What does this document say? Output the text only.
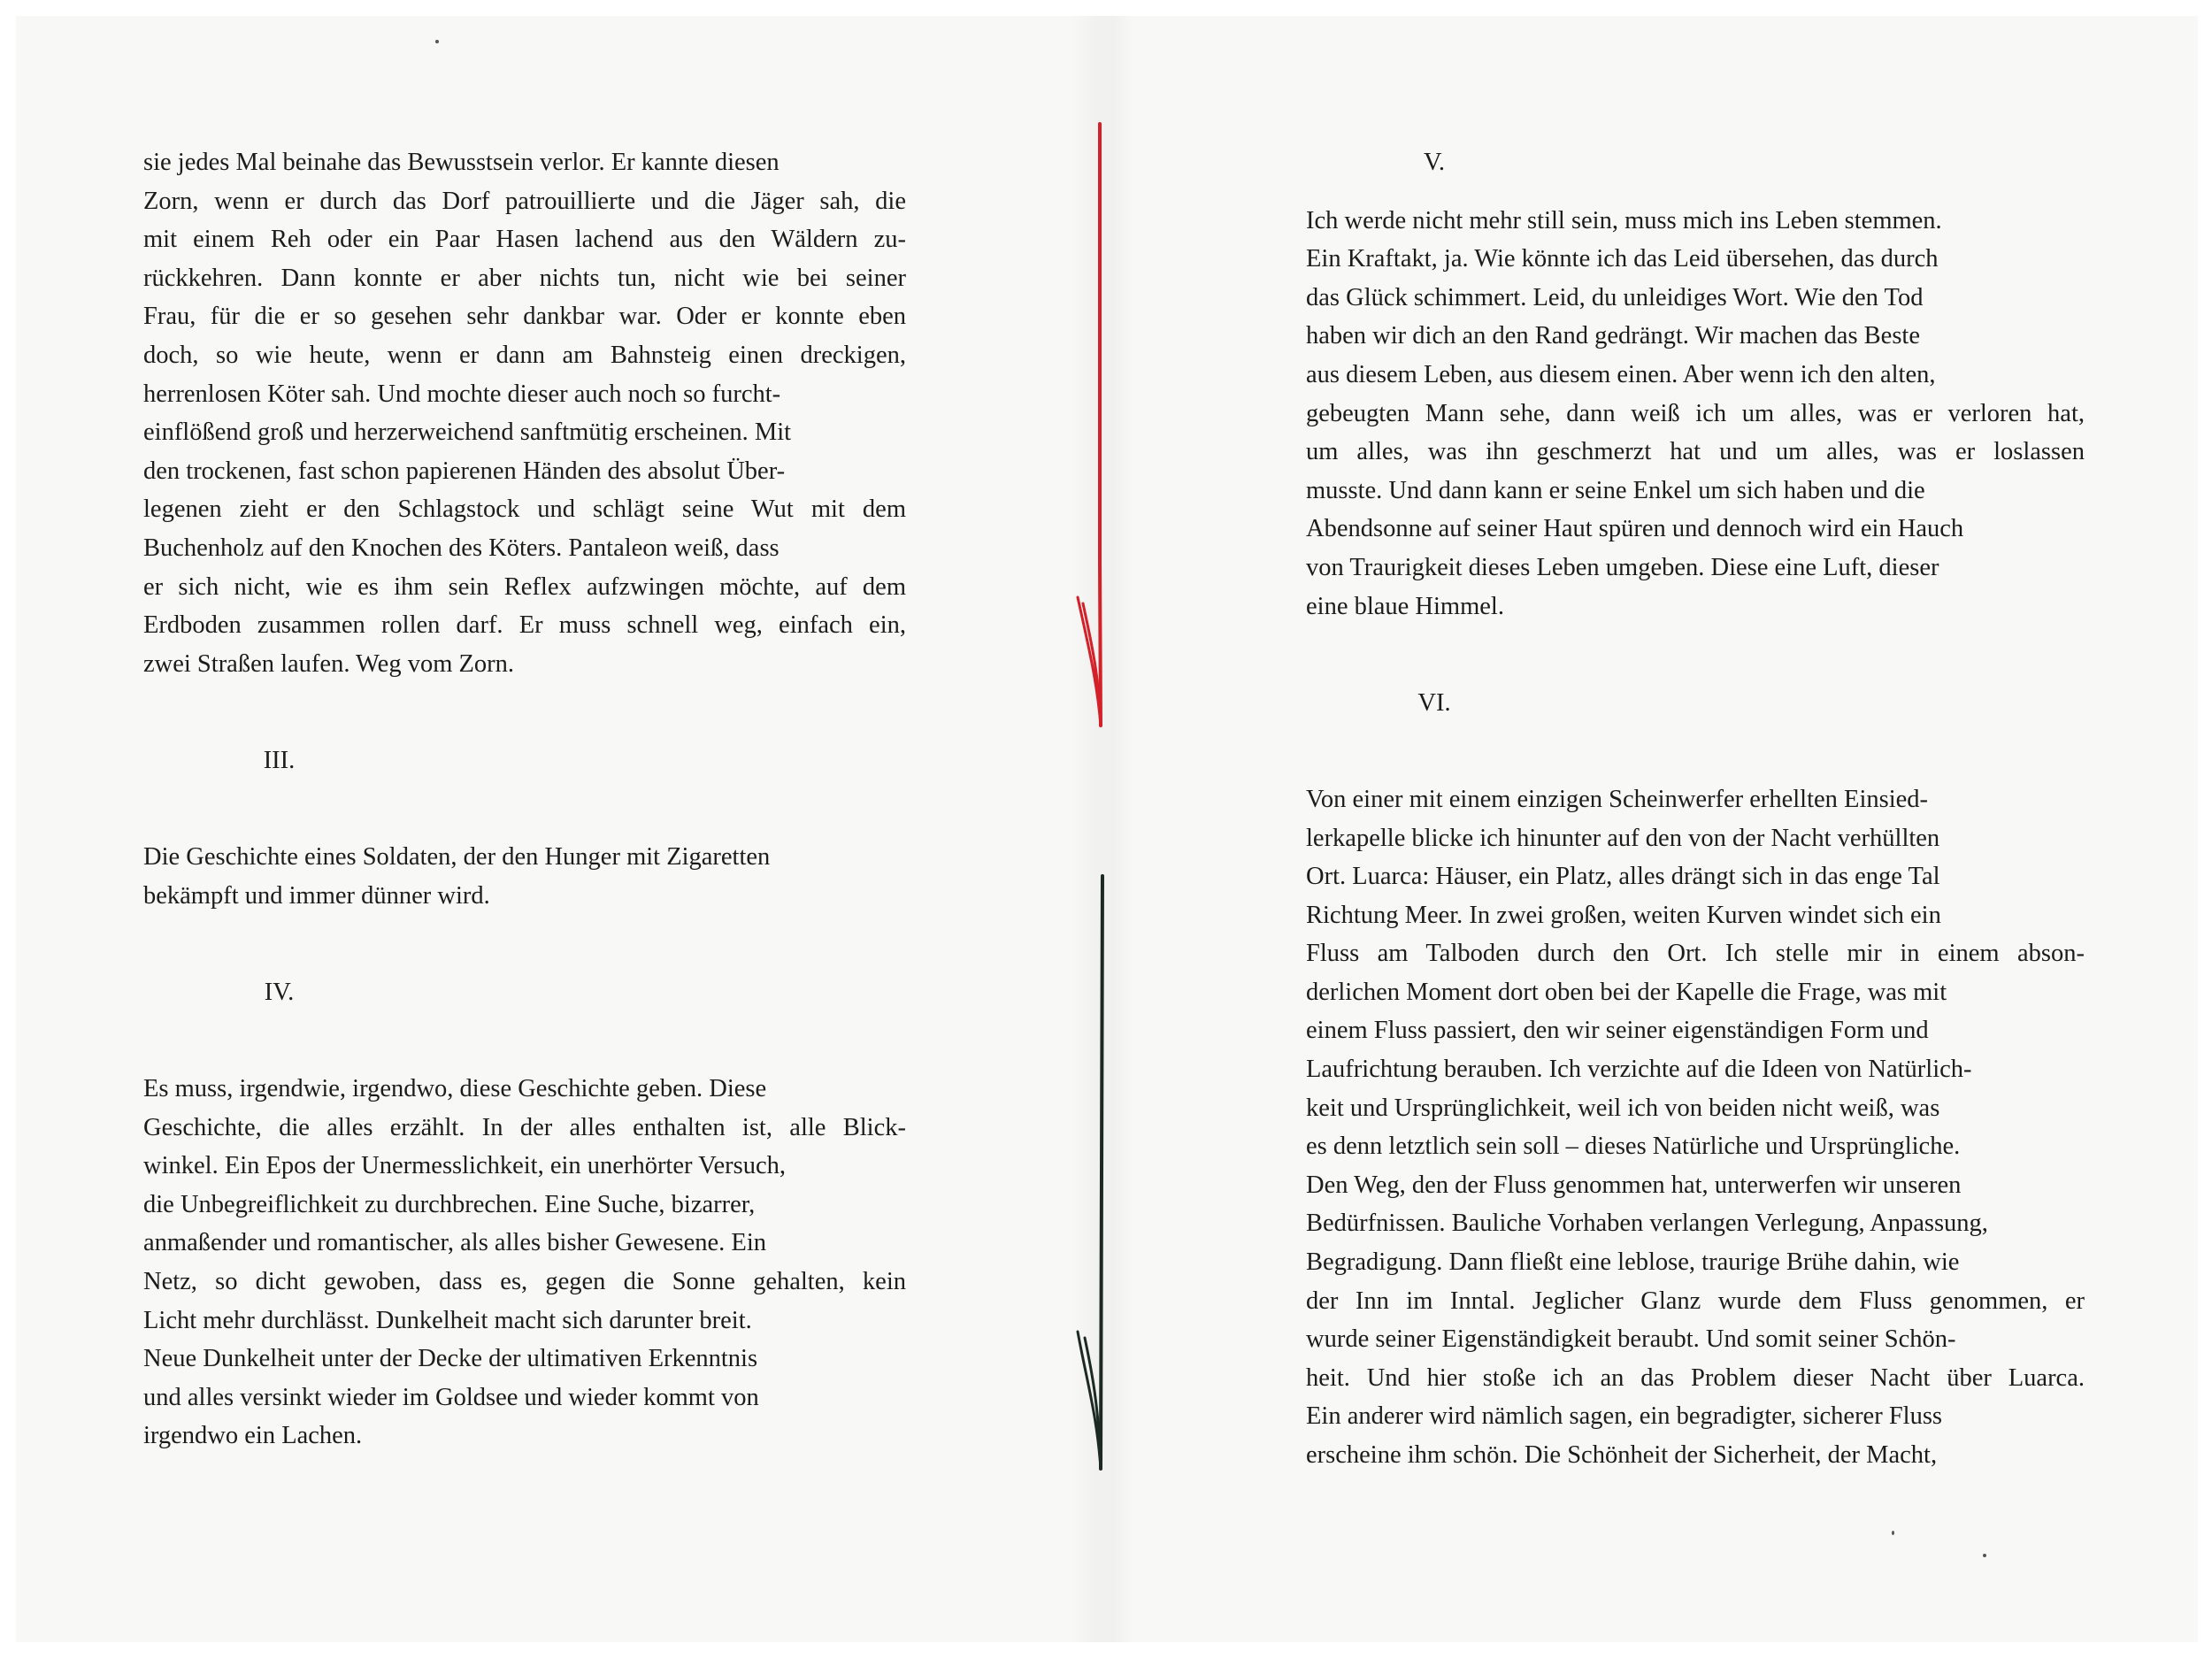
sie jedes Mal beinahe das Bewusstsein verlor. Er kannte diesen
Zorn, wenn er durch das Dorf patrouillierte und die Jäger sah, die
mit einem Reh oder ein Paar Hasen lachend aus den Wäldern zu-
rückkehren. Dann konnte er aber nichts tun, nicht wie bei seiner
Frau, für die er so gesehen sehr dankbar war. Oder er konnte eben
doch, so wie heute, wenn er dann am Bahnsteig einen dreckigen,
herrenlosen Köter sah. Und mochte dieser auch noch so furcht-
einflößend groß und herzerweichend sanftmütig erscheinen. Mit
den trockenen, fast schon papierenen Händen des absolut Über-
legenen zieht er den Schlagstock und schlägt seine Wut mit dem
Buchenholz auf den Knochen des Köters. Pantaleon weiß, dass
er sich nicht, wie es ihm sein Reflex aufzwingen möchte, auf dem
Erdboden zusammen rollen darf. Er muss schnell weg, einfach ein,
zwei Straßen laufen. Weg vom Zorn.
III.
Die Geschichte eines Soldaten, der den Hunger mit Zigaretten
bekämpft und immer dünner wird.
IV.
Es muss, irgendwie, irgendwo, diese Geschichte geben. Diese
Geschichte, die alles erzählt. In der alles enthalten ist, alle Blick-
winkel. Ein Epos der Unermesslichkeit, ein unerhörter Versuch,
die Unbegreiflichkeit zu durchbrechen. Eine Suche, bizarrer,
anmaßender und romantischer, als alles bisher Gewesene. Ein
Netz, so dicht gewoben, dass es, gegen die Sonne gehalten, kein
Licht mehr durchlässt. Dunkelheit macht sich darunter breit.
Neue Dunkelheit unter der Decke der ultimativen Erkenntnis
und alles versinkt wieder im Goldsee und wieder kommt von
irgendwo ein Lachen.
V.
Ich werde nicht mehr still sein, muss mich ins Leben stemmen.
Ein Kraftakt, ja. Wie könnte ich das Leid übersehen, das durch
das Glück schimmert. Leid, du unleidiges Wort. Wie den Tod
haben wir dich an den Rand gedrängt. Wir machen das Beste
aus diesem Leben, aus diesem einen. Aber wenn ich den alten,
gebeugten Mann sehe, dann weiß ich um alles, was er verloren hat,
um alles, was ihn geschmerzt hat und um alles, was er loslassen
musste. Und dann kann er seine Enkel um sich haben und die
Abendsonne auf seiner Haut spüren und dennoch wird ein Hauch
von Traurigkeit dieses Leben umgeben. Diese eine Luft, dieser
eine blaue Himmel.
VI.
Von einer mit einem einzigen Scheinwerfer erhellten Einsied-
lerkapelle blicke ich hinunter auf den von der Nacht verhüllten
Ort. Luarca: Häuser, ein Platz, alles drängt sich in das enge Tal
Richtung Meer. In zwei großen, weiten Kurven windet sich ein
Fluss am Talboden durch den Ort. Ich stelle mir in einem abson-
derlichen Moment dort oben bei der Kapelle die Frage, was mit
einem Fluss passiert, den wir seiner eigenständigen Form und
Laufrichtung berauben. Ich verzichte auf die Ideen von Natürlich-
keit und Ursprünglichkeit, weil ich von beiden nicht weiß, was
es denn letztlich sein soll – dieses Natürliche und Ursprüngliche.
Den Weg, den der Fluss genommen hat, unterwerfen wir unseren
Bedürfnissen. Bauliche Vorhaben verlangen Verlegung, Anpassung,
Begradigung. Dann fließt eine leblose, traurige Brühe dahin, wie
der Inn im Inntal. Jeglicher Glanz wurde dem Fluss genommen, er
wurde seiner Eigenständigkeit beraubt. Und somit seiner Schön-
heit. Und hier stoße ich an das Problem dieser Nacht über Luarca.
Ein anderer wird nämlich sagen, ein begradigter, sicherer Fluss
erscheine ihm schön. Die Schönheit der Sicherheit, der Macht,
